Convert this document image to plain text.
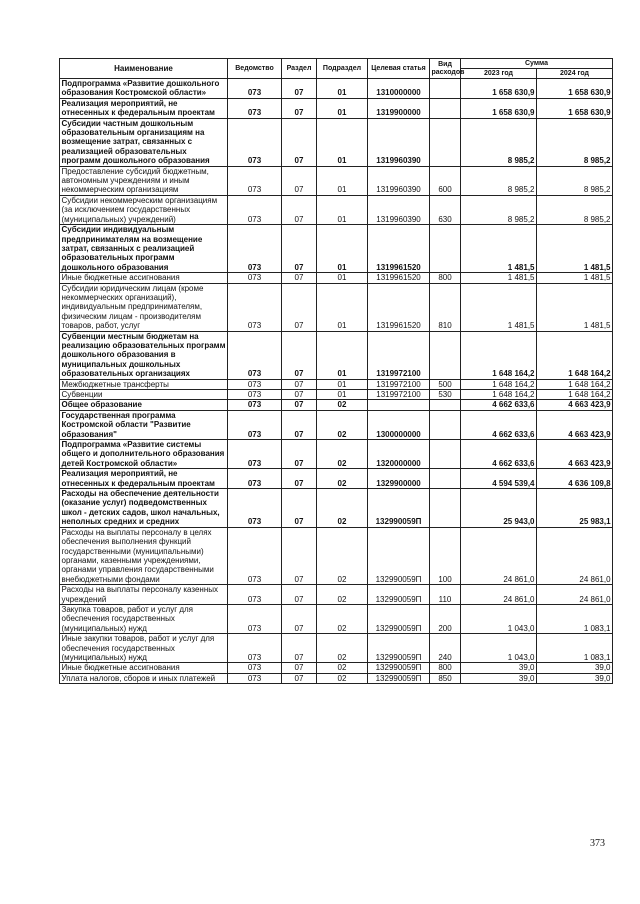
Наименование	Ведомство	Раздел	Подраздел	Целевая статья	Вид расходов	Сумма	
						2023 год	2024 год
Подпрограмма «Развитие дошкольного образования Костромской области»	073	07	01	1310000000		1 658 630,9	1 658 630,9
Реализация мероприятий, не отнесенных к федеральным проектам	073	07	01	1319900000		1 658 630,9	1 658 630,9
Субсидии частным дошкольным образовательным организациям на возмещение затрат, связанных с реализацией образовательных программ дошкольного образования	073	07	01	1319960390		8 985,2	8 985,2
Предоставление субсидий бюджетным, автономным учреждениям и иным некоммерческим организациям	073	07	01	1319960390	600	8 985,2	8 985,2
Субсидии некоммерческим организациям (за исключением государственных (муниципальных) учреждений)	073	07	01	1319960390	630	8 985,2	8 985,2
Субсидии индивидуальным предпринимателям на возмещение затрат, связанных с реализацией образовательных программ дошкольного образования	073	07	01	1319961520		1 481,5	1 481,5
Иные бюджетные ассигнования	073	07	01	1319961520	800	1 481,5	1 481,5
Субсидии юридическим лицам (кроме некоммерческих организаций), индивидуальным предпринимателям, физическим лицам - производителям товаров, работ, услуг	073	07	01	1319961520	810	1 481,5	1 481,5
Субвенции местным бюджетам на реализацию образовательных программ дошкольного образования в муниципальных дошкольных образовательных организациях	073	07	01	1319972100		1 648 164,2	1 648 164,2
Межбюджетные трансферты	073	07	01	1319972100	500	1 648 164,2	1 648 164,2
Субвенции	073	07	01	1319972100	530	1 648 164,2	1 648 164,2
Общее образование	073	07	02			4 662 633,6	4 663 423,9
Государственная программа Костромской области "Развитие образования"	073	07	02	1300000000		4 662 633,6	4 663 423,9
Подпрограмма «Развитие системы общего и дополнительного образования детей Костромской области»	073	07	02	1320000000		4 662 633,6	4 663 423,9
Реализация мероприятий, не отнесенных к федеральным проектам	073	07	02	1329900000		4 594 539,4	4 636 109,8
Расходы на обеспечение деятельности (оказание услуг) подведомственных школ - детских садов, школ начальных, неполных средних и средних	073	07	02	132990059П		25 943,0	25 983,1
Расходы на выплаты персоналу в целях обеспечения выполнения функций государственными (муниципальными) органами, казенными учреждениями, органами управления государственными внебюджетными фондами	073	07	02	132990059П	100	24 861,0	24 861,0
Расходы на выплаты персоналу казенных учреждений	073	07	02	132990059П	110	24 861,0	24 861,0
Закупка товаров, работ и услуг для обеспечения государственных (муниципальных) нужд	073	07	02	132990059П	200	1 043,0	1 083,1
Иные закупки товаров, работ и услуг для обеспечения государственных (муниципальных) нужд	073	07	02	132990059П	240	1 043,0	1 083,1
Иные бюджетные ассигнования	073	07	02	132990059П	800	39,0	39,0
Уплата налогов, сборов и иных платежей	073	07	02	132990059П	850	39,0	39,0
373
